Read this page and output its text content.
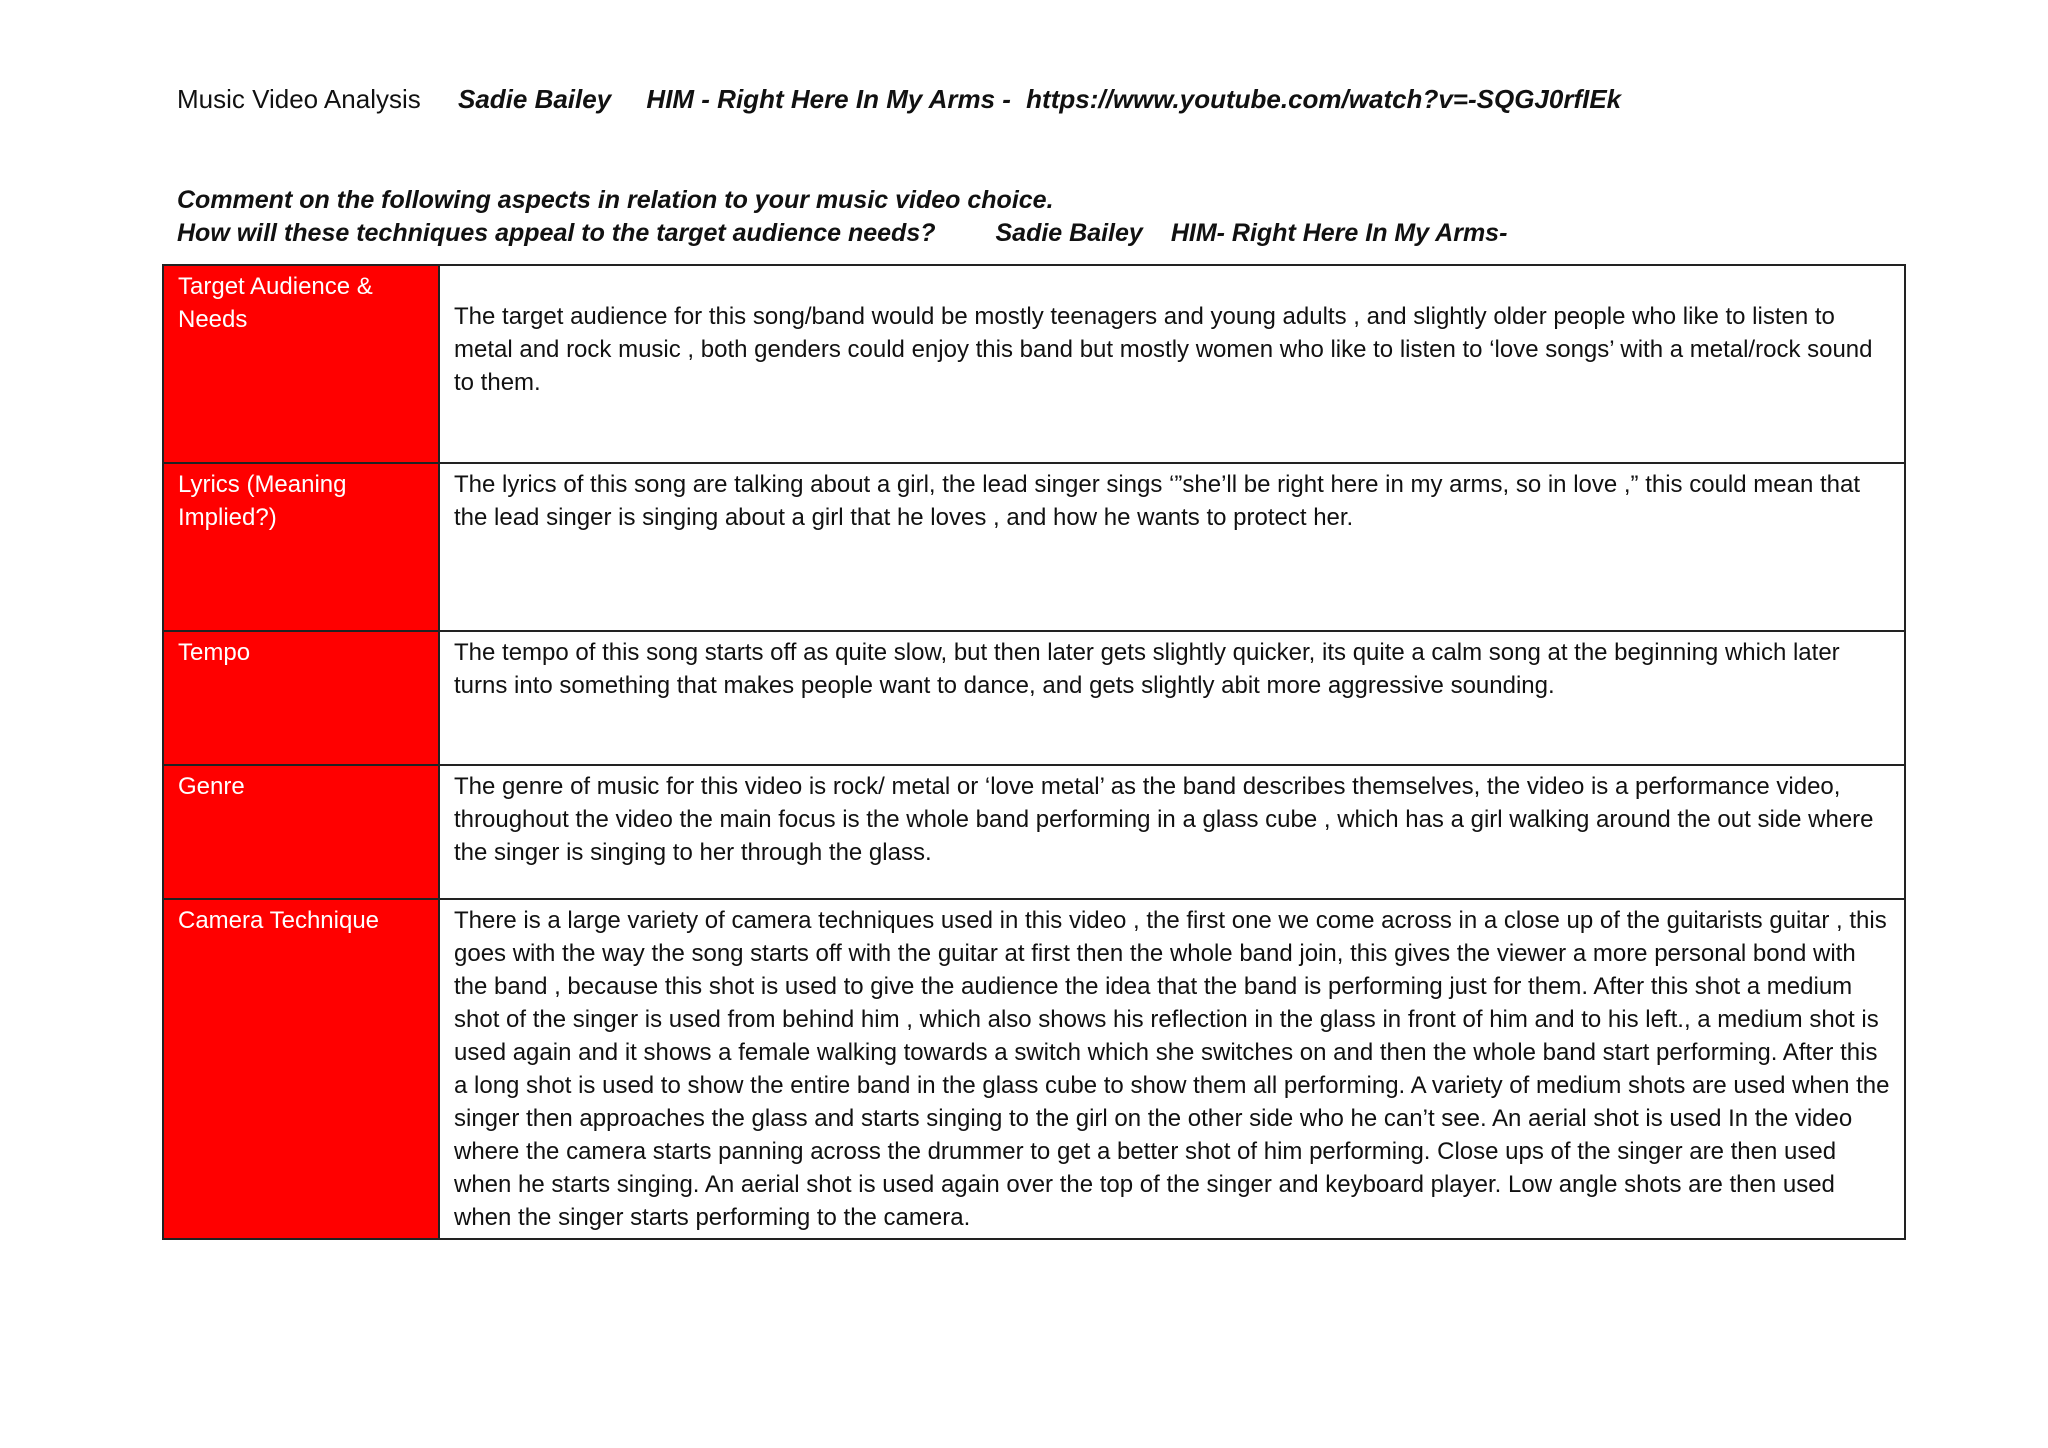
Music Video Analysis Sadie Bailey HIM - Right Here In My Arms - https://www.youtube.com/watch?v=-SQGJ0rfIEk
Comment on the following aspects in relation to your music video choice.
How will these techniques appeal to the target audience needs? Sadie Bailey HIM- Right Here In My Arms-
Target Audience & Needs	The target audience for this song/band would be mostly teenagers and young adults , and slightly older people who like to listen to metal and rock music , both genders could enjoy this band but mostly women who like to listen to ‘love songs’ with a metal/rock sound to them.
Lyrics (Meaning Implied?)	The lyrics of this song are talking about a girl, the lead singer sings ‘”she’ll be right here in my arms, so in love ,” this could mean that the lead singer is singing about a girl that he loves , and how he wants to protect her.
Tempo	The tempo of this song starts off as quite slow, but then later gets slightly quicker, its quite a calm song at the beginning which later turns into something that makes people want to dance, and gets slightly abit more aggressive sounding.
Genre	The genre of music for this video is rock/ metal or ‘love metal’ as the band describes themselves, the video is a performance video, throughout the video the main focus is the whole band performing in a glass cube , which has a girl walking around the out side where the singer is singing to her through the glass.
Camera Technique	There is a large variety of camera techniques used in this video , the first one we come across in a close up of the guitarists guitar , this goes with the way the song starts off with the guitar at first then the whole band join, this gives the viewer a more personal bond with the band , because this shot is used to give the audience the idea that the band is performing just for them. After this shot a medium shot of the singer is used from behind him , which also shows his reflection in the glass in front of him and to his left., a medium shot is used again and it shows a female walking towards a switch which she switches on and then the whole band start performing. After this a long shot is used to show the entire band in the glass cube to show them all performing. A variety of medium shots are used when the singer then approaches the glass and starts singing to the girl on the other side who he can’t see. An aerial shot is used In the video where the camera starts panning across the drummer to get a better shot of him performing. Close ups of the singer are then used when he starts singing. An aerial shot is used again over the top of the singer and keyboard player. Low angle shots are then used when the singer starts performing to the camera.
